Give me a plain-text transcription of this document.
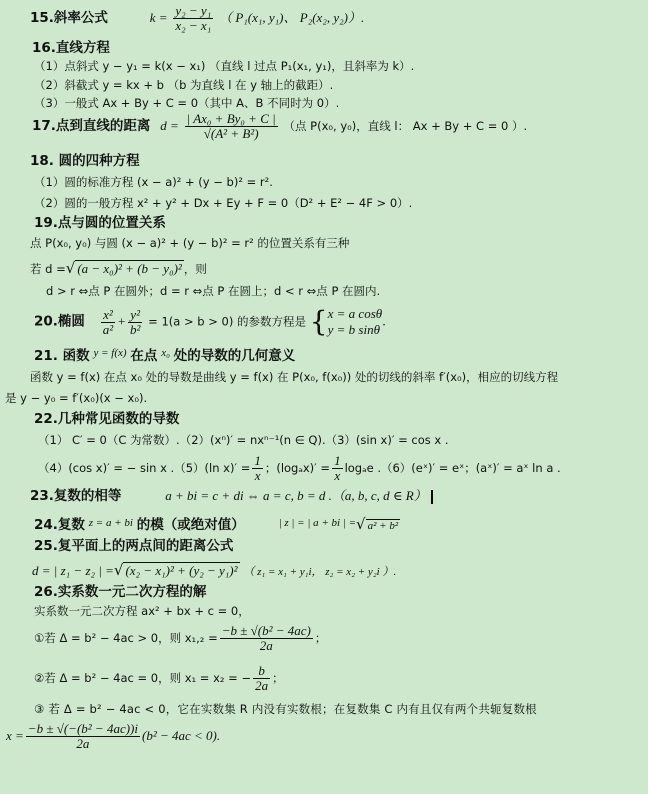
15.斜率公式	$k = \frac{\text{y₂ − y₁}}{\text{x₂ − x₁}}$ （ P₁(x₁, y₁)、 P₂(x₂, y₂)）.
16.直线方程
（1）点斜式 y − y₁ = k(x − x₁) （直线 l 过点 P₁(x₁, y₁)，且斜率为 k）.
（2）斜截式 y = kx + b （b 为直线 l 在 y 轴上的截距）.
（3）一般式 Ax + By + C = 0（其中 A、B 不同时为 0）.
17.点到直线的距离 $d = \frac{\text{| Ax₀ + By₀ + C |}}{\text{√(A² + B²)}}$ （点 P(x₀, y₀)，直线 l： Ax + By + C = 0 ）.
18. 圆的四种方程
（1）圆的标准方程 (x − a)² + (y − b)² = r².
（2）圆的一般方程 x² + y² + Dx + Ey + F = 0（D² + E² − 4F > 0）.
19.点与圆的位置关系
点 P(x₀, y₀) 与圆 (x − a)² + (y − b)² = r² 的位置关系有三种
若 d =√ (a − x₀)² + (b − y₀)² ，则
d > r ⇔点 P 在圆外；d = r ⇔点 P 在圆上；d < r ⇔点 P 在圆内.
20.椭圆 $\frac{\text{x²}}{\text{a²}} + \frac{\text{y²}}{\text{b²}} = 1(a > b > 0)$ 的参数方程是 { x = a cosθ
y = b sinθ
.
21. 函数 y = f(x) 在点 x₀ 处的导数的几何意义
函数 y = f(x) 在点 x₀ 处的导数是曲线 y = f(x) 在 P(x₀, f(x₀)) 处的切线的斜率 f′(x₀)，相应的切线方程
是 y − y₀ = f′(x₀)(x − x₀).
22.几种常见函数的导数
（1） C′ = 0（C 为常数）.（2）(xⁿ)′ = nxⁿ⁻¹(n ∈ Q).（3）(sin x)′ = cos x .
（4）(cos x)′ = − sin x .（5）(ln $x)' = \frac{1}{x}$ ；$(\log_ax)' = \frac{1}{x}$ logₐe .（6）(eˣ)′ = eˣ；(aˣ)′ = aˣ ln a .
23.复数的相等	a + bi = c + di ⇔ a = c, b = d .（a, b, c, d ∈ R）
24.复数 z = a + bi 的模（或绝对值）	| z | = | a + bi | =√ a² + b²
25.复平面上的两点间的距离公式
d = | z₁ − z₂ | =√ (x₂ − x₁)² + (y₂ − y₁)² （ z₁ = x₁ + y₁i， z₂ = x₂ + y₂i ）.
26.实系数一元二次方程的解
实系数一元二次方程 ax² + bx + c = 0，
①若 Δ = b² − 4ac > 0，则 $x_1,_2 = \frac{\text{−b ± √(b² − 4ac)}}{2a}$ ；
②若 Δ = b² − 4ac = 0，则 x₁ = x₂ = − $\frac{b}{2a}$ ；
③ 若 Δ = b² − 4ac < 0，它在实数集 R 内没有实数根；在复数集 C 内有且仅有两个共轭复数根
$x = \frac{\text{−b ± √(−(b² − 4ac))i}}{2a} (b^2 - 4ac < 0)$.
